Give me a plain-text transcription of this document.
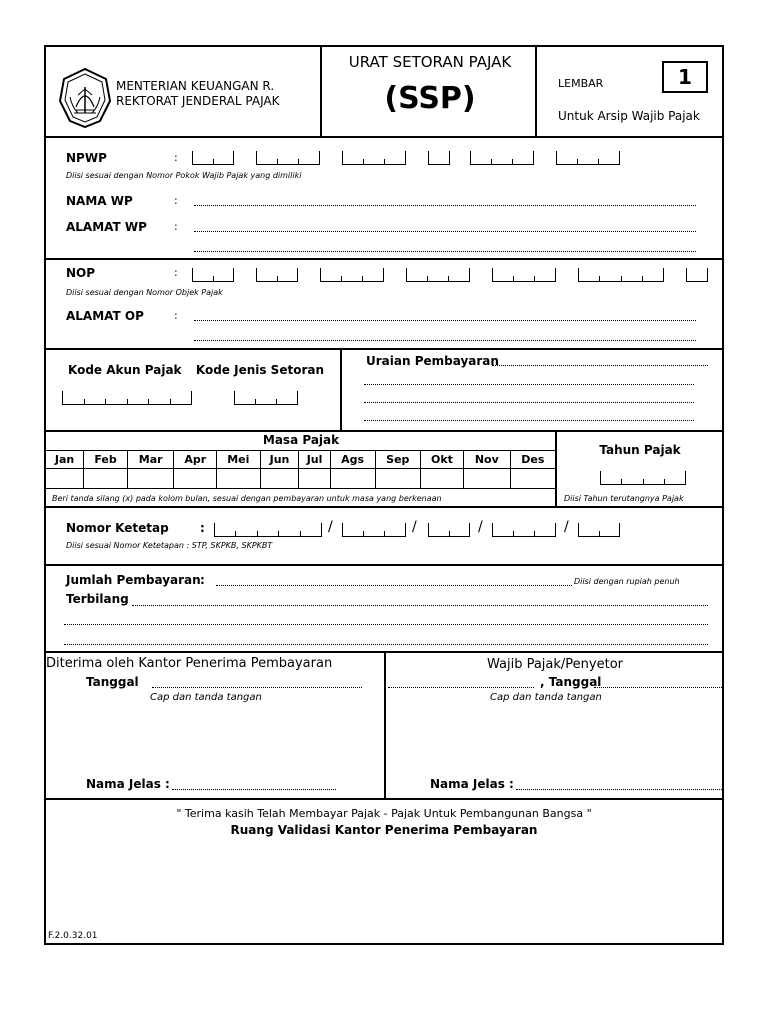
MENTERIAN KEUANGAN R.
REKTORAT JENDERAL PAJAK
URAT SETORAN PAJAK
(SSP)	LEMBAR	1
Untuk Arsip Wajib Pajak
NPWP	:
Diisi sesuai dengan Nomor Pokok Wajib Pajak yang dimiliki
NAMA WP	:
ALAMAT WP :
NOP	:
Diisi sesuai dengan Nomor Objek Pajak
ALAMAT OP	:
Kode Akun Pajak	Kode Jenis Setoran
Uraian Pembayaran
Masa Pajak
Jan	Feb	Mar	Apr	Mei	Jun	Jul	Ags	Sep	Okt	Nov	Des

Tahun Pajak
Beri tanda silang (x) pada kolom bulan, sesuai dengan pembayaran untuk masa yang berkenaan	Diisi Tahun terutangnya Pajak
Nomor Ketetap	:	/	/	/	/
Diisi sesuai Nomor Ketetapan : STP, SKPKB, SKPKBT
Jumlah Pembayaran :	Diisi dengan rupiah penuh
Terbilang
Diterima oleh Kantor Penerima Pembayaran
Tanggal
Cap dan tanda tangan
Nama Jelas :
Wajib Pajak/Penyetor
, Tanggal
Cap dan tanda tangan
Nama Jelas :
" Terima kasih Telah Membayar Pajak - Pajak Untuk Pembangunan Bangsa "
Ruang Validasi Kantor Penerima Pembayaran
F.2.0.32.01
